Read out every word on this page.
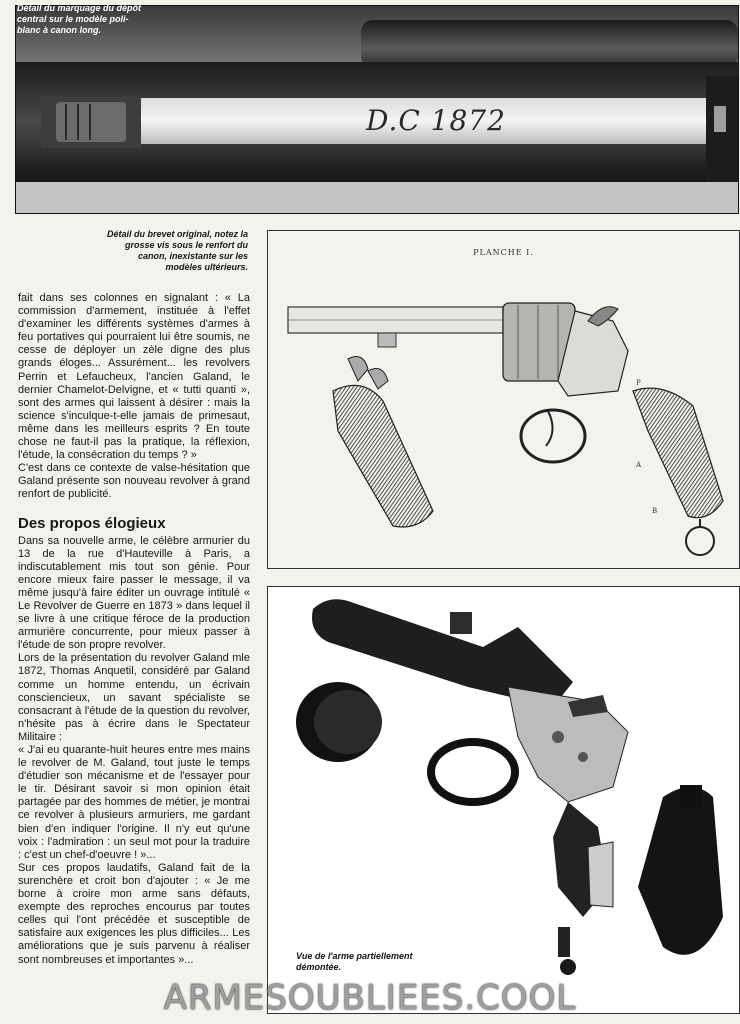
D.C 1872
Détail du marquage du dépôt central sur le modèle poli-blanc à canon long.
Détail du brevet original, notez la grosse vis sous le renfort du canon, inexistante sur les modèles ultérieurs.
PLANCHE I.
P
A
B
Vue de l'arme partiellement démontée.

fait dans ses colonnes en signalant : « La commission d'armement, instituée à l'effet d'examiner les différents systèmes d'armes à feu portatives qui pourraient lui être soumis, ne cesse de déployer un zèle digne des plus grands éloges... Assurément... les revolvers Perrin et Lefaucheux, l'ancien Galand, le dernier Chamelot-Delvigne, et « tutti quanti », sont des armes qui laissent à désirer : mais la science s'inculque-t-elle jamais de primesaut, même dans les meilleurs esprits ? En toute chose ne faut-il pas la pratique, la réflexion, l'étude, la consécration du temps ? »

C'est dans ce contexte de valse-hésitation que Galand présente son nouveau revolver à grand renfort de publicité.

Des propos élogieux

Dans sa nouvelle arme, le célèbre armurier du 13 de la rue d'Hauteville à Paris, a indiscutablement mis tout son génie. Pour encore mieux faire passer le message, il va même jusqu'à faire éditer un ouvrage intitulé « Le Revolver de Guerre en 1873 » dans lequel il se livre à une critique féroce de la production armurière concurrente, pour mieux passer à l'étude de son propre revolver.

Lors de la présentation du revolver Galand mle 1872, Thomas Anquetil, considéré par Galand comme un homme entendu, un écrivain consciencieux, un savant spécialiste se consacrant à l'étude de la question du revolver, n'hésite pas à écrire dans le Spectateur Militaire :

« J'ai eu quarante-huit heures entre mes mains le revolver de M. Galand, tout juste le temps d'étudier son mécanisme et de l'essayer pour le tir. Désirant savoir si mon opinion était partagée par des hommes de métier, je montrai ce revolver à plusieurs armuriers, me gardant bien d'en indiquer l'origine. Il n'y eut qu'une voix : l'admiration : un seul mot pour la traduire : c'est un chef-d'oeuvre ! »...

Sur ces propos laudatifs, Galand fait de la surenchère et croit bon d'ajouter : « Je me borne à croire mon arme sans défauts, exempte des reproches encourus par toutes celles qui l'ont précédée et susceptible de satisfaire aux exigences les plus difficiles... Les améliorations que je suis parvenu à réaliser sont nombreuses et importantes »...

ARMESOUBLIEES.COOL
